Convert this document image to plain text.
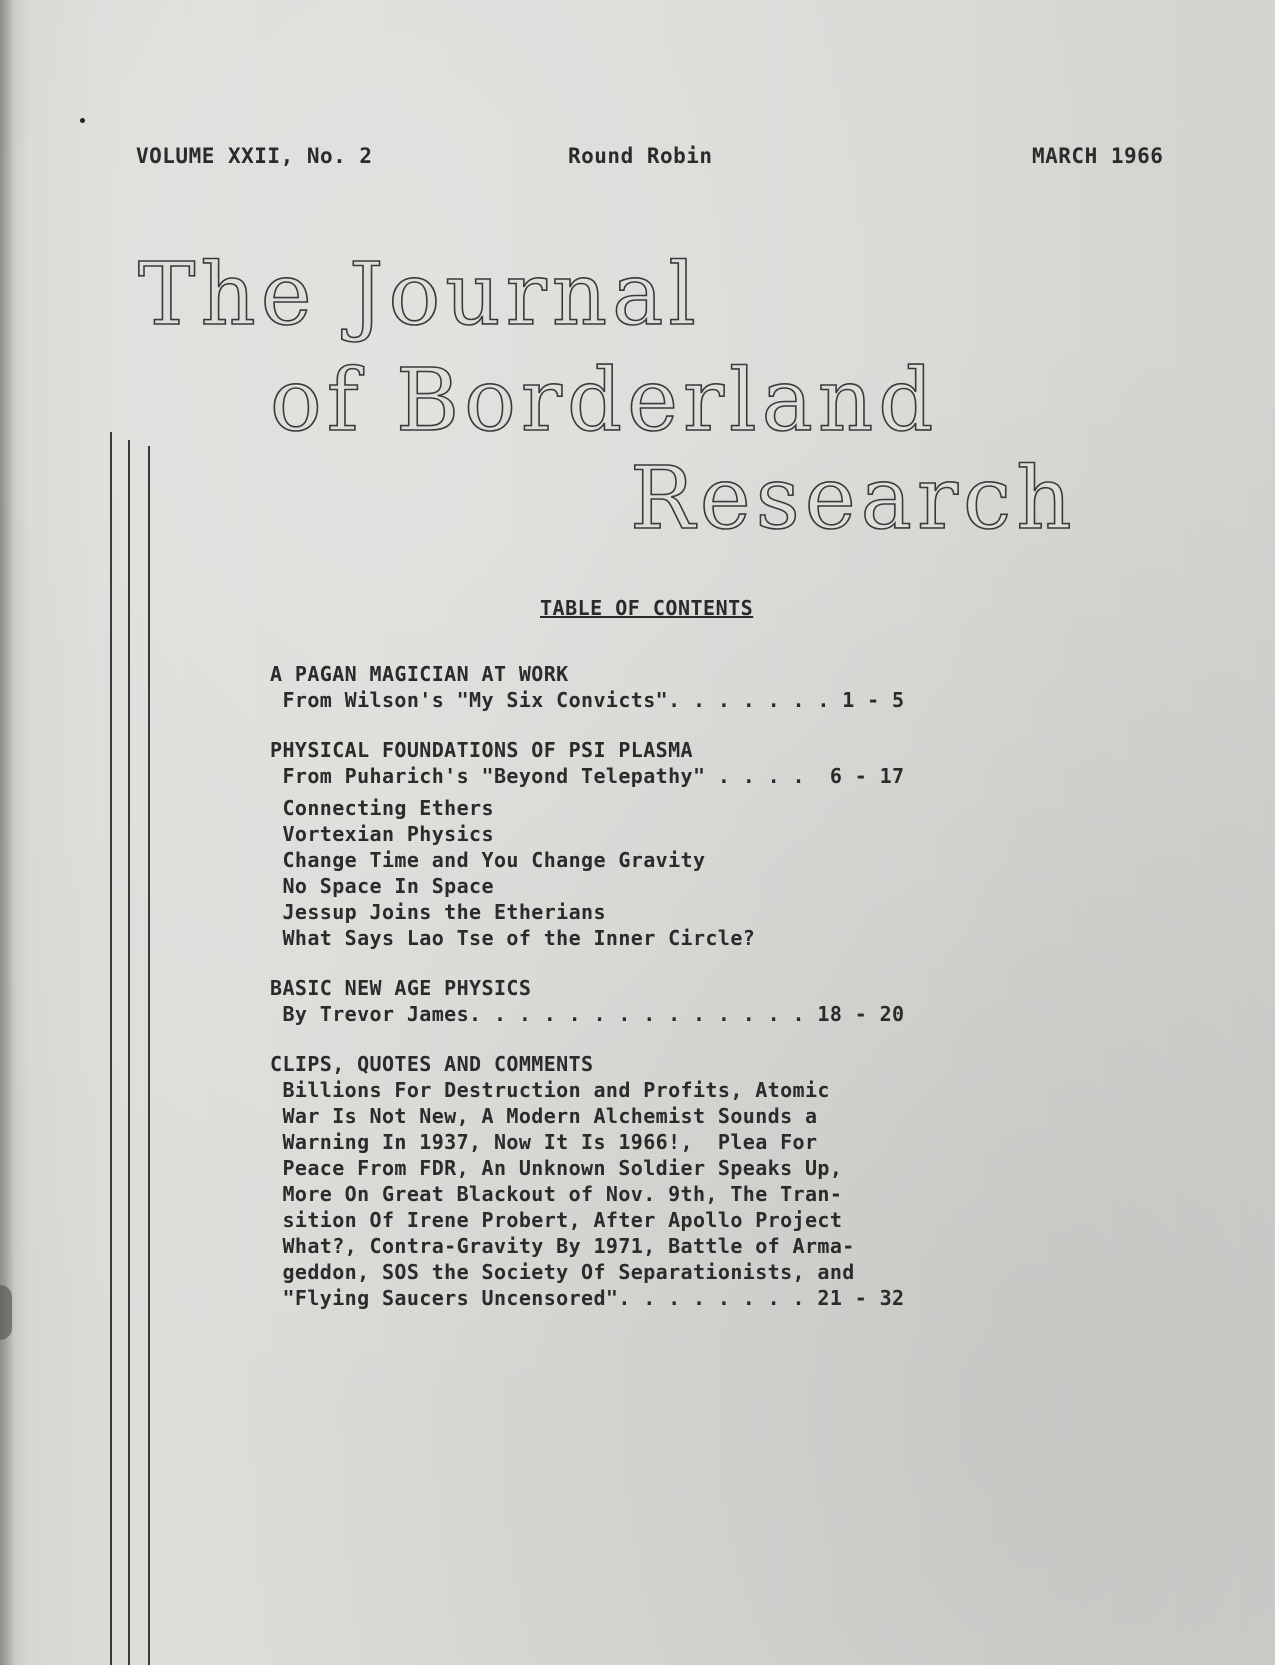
VOLUME XXII, No. 2	Round Robin	MARCH 1966
The Journal
of Borderland
Research
TABLE OF CONTENTS
A PAGAN MAGICIAN AT WORK
From Wilson's "My Six Convicts". . . . . . . 1 - 5
PHYSICAL FOUNDATIONS OF PSI PLASMA
From Puharich's "Beyond Telepathy" . . . .  6 - 17
Connecting Ethers
Vortexian Physics
Change Time and You Change Gravity
No Space In Space
Jessup Joins the Etherians
What Says Lao Tse of the Inner Circle?
BASIC NEW AGE PHYSICS
By Trevor James. . . . . . . . . . . . . . 18 - 20
CLIPS, QUOTES AND COMMENTS
Billions For Destruction and Profits, Atomic
War Is Not New, A Modern Alchemist Sounds a
Warning In 1937, Now It Is 1966!,  Plea For
Peace From FDR, An Unknown Soldier Speaks Up,
More On Great Blackout of Nov. 9th, The Tran-
sition Of Irene Probert, After Apollo Project
What?, Contra-Gravity By 1971, Battle of Arma-
geddon, SOS the Society Of Separationists, and
"Flying Saucers Uncensored". . . . . . . . 21 - 32
